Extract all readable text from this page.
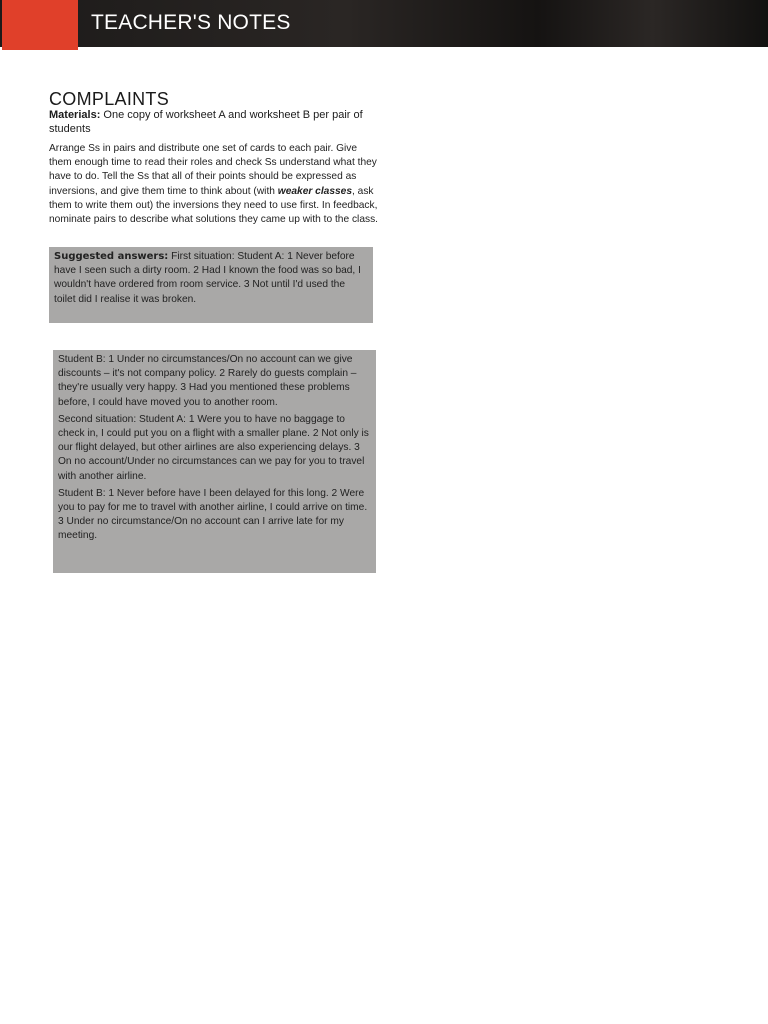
TEACHER'S NOTES
COMPLAINTS
Materials: One copy of worksheet A and worksheet B per pair of students
Arrange Ss in pairs and distribute one set of cards to each pair. Give them enough time to read their roles and check Ss understand what they have to do. Tell the Ss that all of their points should be expressed as inversions, and give them time to think about (with weaker classes, ask them to write them out) the inversions they need to use first. In feedback, nominate pairs to describe what solutions they came up with to the class.
Suggested answers: First situation: Student A: 1 Never before have I seen such a dirty room. 2 Had I known the food was so bad, I wouldn't have ordered from room service. 3 Not until I'd used the toilet did I realise it was broken.

Student B: 1 Under no circumstances/On no account can we give discounts – it's not company policy. 2 Rarely do guests complain – they're usually very happy. 3 Had you mentioned these problems before, I could have moved you to another room.

Second situation: Student A: 1 Were you to have no baggage to check in, I could put you on a flight with a smaller plane. 2 Not only is our flight delayed, but other airlines are also experiencing delays. 3 On no account/Under no circumstances can we pay for you to travel with another airline.

Student B: 1 Never before have I been delayed for this long. 2 Were you to pay for me to travel with another airline, I could arrive on time. 3 Under no circumstance/On no account can I arrive late for my meeting.
